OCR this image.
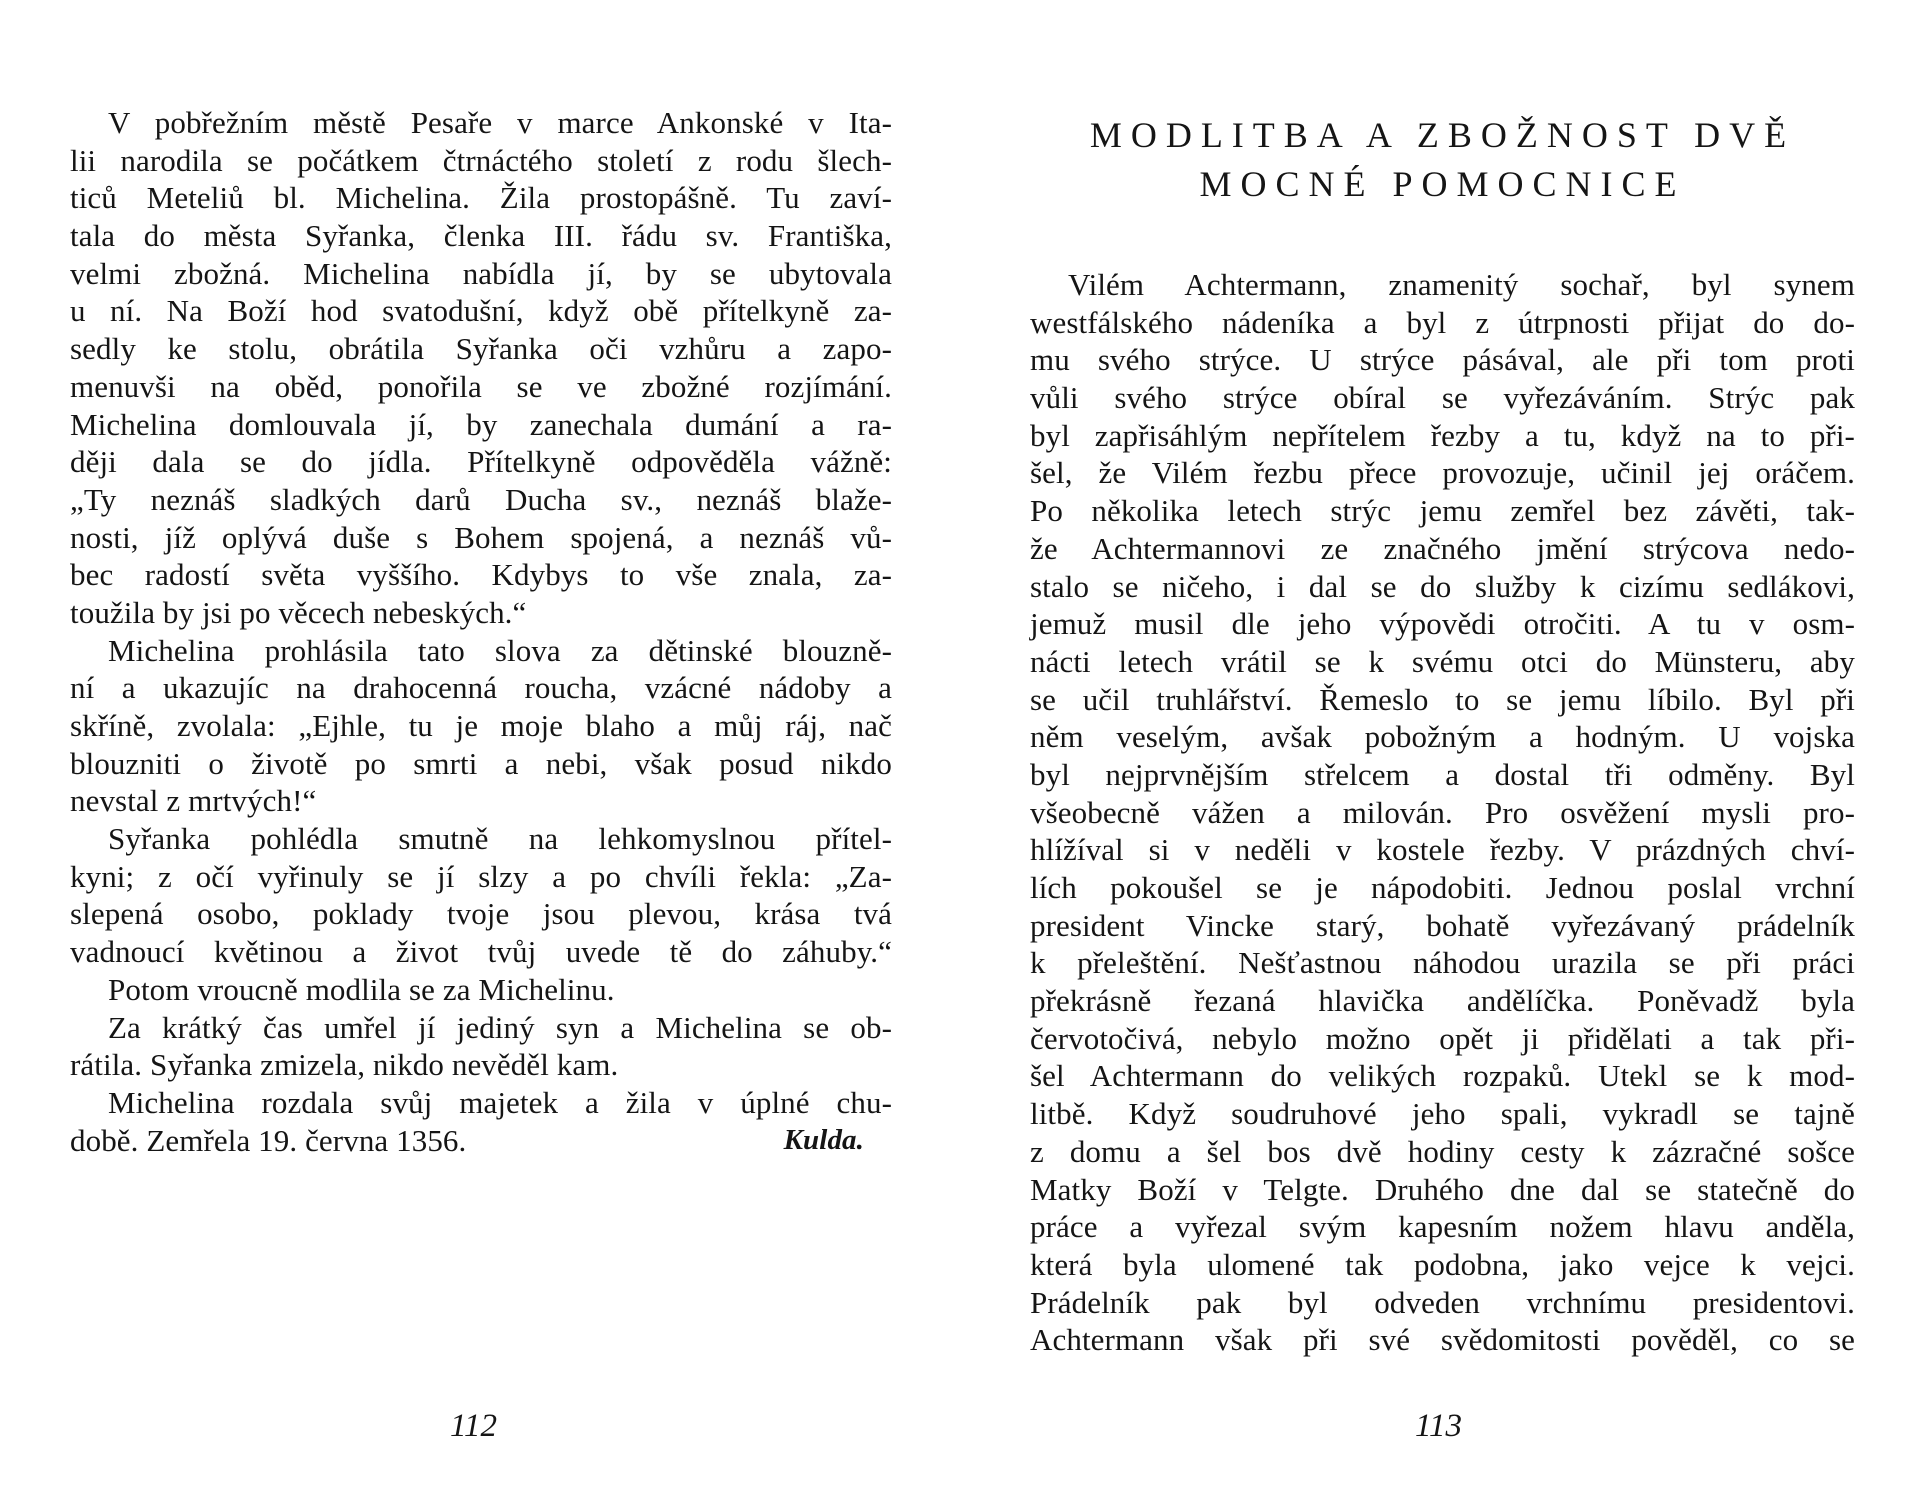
V pobřežním městě Pesaře v marce Ankonské v Ita-
lii narodila se počátkem čtrnáctého století z rodu šlech-
ticů Meteliů bl. Michelina. Žila prostopášně. Tu zaví-
tala do města Syřanka, členka III. řádu sv. Františka,
velmi zbožná. Michelina nabídla jí, by se ubytovala
u ní. Na Boží hod svatodušní, když obě přítelkyně za-
sedly ke stolu, obrátila Syřanka oči vzhůru a zapo-
menuvši na oběd, ponořila se ve zbožné rozjímání.
Michelina domlouvala jí, by zanechala dumání a ra-
ději dala se do jídla. Přítelkyně odpověděla vážně:
„Ty neznáš sladkých darů Ducha sv., neznáš blaže-
nosti, jíž oplývá duše s Bohem spojená, a neznáš vů-
bec radostí světa vyššího. Kdybys to vše znala, za-
toužila by jsi po věcech nebeských.“
Michelina prohlásila tato slova za dětinské blouzně-
ní a ukazujíc na drahocenná roucha, vzácné nádoby a
skříně, zvolala: „Ejhle, tu je moje blaho a můj ráj, nač
blouzniti o životě po smrti a nebi, však posud nikdo
nevstal z mrtvých!“
Syřanka pohlédla smutně na lehkomyslnou přítel-
kyni; z očí vyřinuly se jí slzy a po chvíli řekla: „Za-
slepená osobo, poklady tvoje jsou plevou, krása tvá
vadnoucí květinou a život tvůj uvede tě do záhuby.“
Potom vroucně modlila se za Michelinu.
Za krátký čas umřel jí jediný syn a Michelina se ob-
rátila. Syřanka zmizela, nikdo nevěděl kam.
Michelina rozdala svůj majetek a žila v úplné chu-
době. Zemřela 19. června 1356.	Kulda.
112
MODLITBA A ZBOŽNOST DVĚ
MOCNÉ POMOCNICE
Vilém Achtermann, znamenitý sochař, byl synem
westfálského nádeníka a byl z útrpnosti přijat do do-
mu svého strýce. U strýce pásával, ale při tom proti
vůli svého strýce obíral se vyřezáváním. Strýc pak
byl zapřisáhlým nepřítelem řezby a tu, když na to při-
šel, že Vilém řezbu přece provozuje, učinil jej oráčem.
Po několika letech strýc jemu zemřel bez závěti, tak-
že Achtermannovi ze značného jmění strýcova nedo-
stalo se ničeho, i dal se do služby k cizímu sedlákovi,
jemuž musil dle jeho výpovědi otročiti. A tu v osm-
nácti letech vrátil se k svému otci do Münsteru, aby
se učil truhlářství. Řemeslo to se jemu líbilo. Byl při
něm veselým, avšak pobožným a hodným. U vojska
byl nejprvnějším střelcem a dostal tři odměny. Byl
všeobecně vážen a milován. Pro osvěžení mysli pro-
hlížíval si v neděli v kostele řezby. V prázdných chví-
lích pokoušel se je nápodobiti. Jednou poslal vrchní
president Vincke starý, bohatě vyřezávaný prádelník
k přeleštění. Nešťastnou náhodou urazila se při práci
překrásně řezaná hlavička andělíčka. Poněvadž byla
červotočivá, nebylo možno opět ji přidělati a tak při-
šel Achtermann do velikých rozpaků. Utekl se k mod-
litbě. Když soudruhové jeho spali, vykradl se tajně
z domu a šel bos dvě hodiny cesty k zázračné sošce
Matky Boží v Telgte. Druhého dne dal se statečně do
práce a vyřezal svým kapesním nožem hlavu anděla,
která byla ulomené tak podobna, jako vejce k vejci.
Prádelník pak byl odveden vrchnímu presidentovi.
Achtermann však při své svědomitosti pověděl, co se
113
